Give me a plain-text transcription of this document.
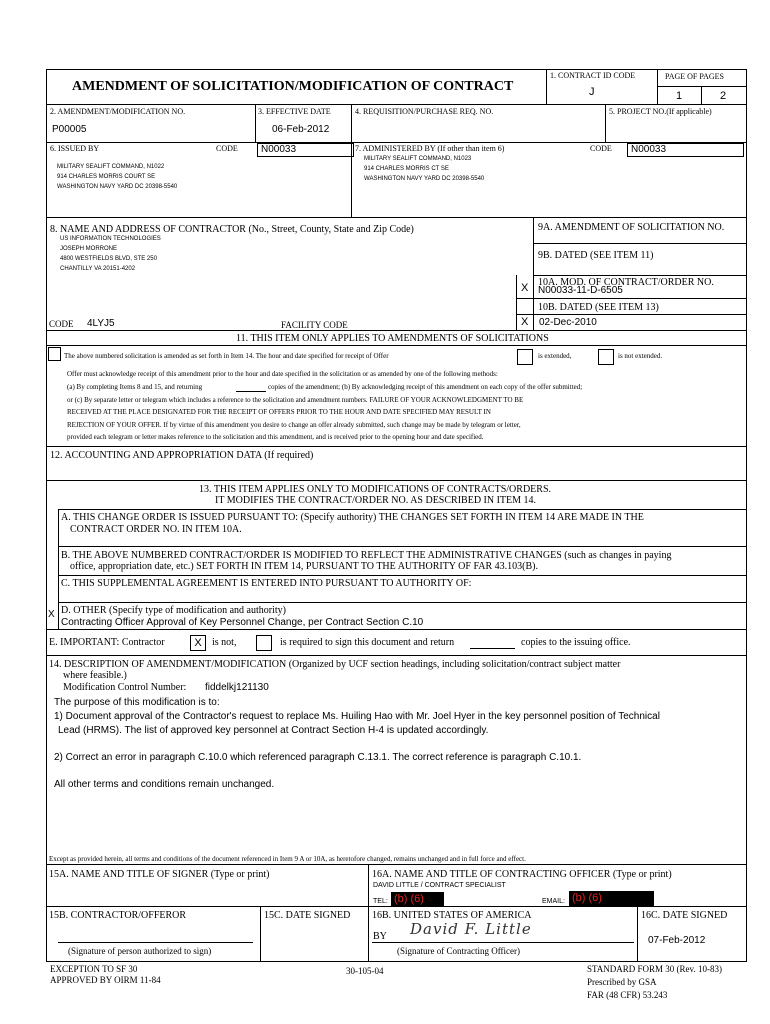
AMENDMENT OF SOLICITATION/MODIFICATION OF CONTRACT
1. CONTRACT ID CODE
J
PAGE OF PAGES
1	2
2. AMENDMENT/MODIFICATION NO.
P00005
3. EFFECTIVE DATE
06-Feb-2012
4. REQUISITION/PURCHASE REQ. NO.	5. PROJECT NO.(If applicable)
6. ISSUED BY	CODE	N00033
MILITARY SEALIFT COMMAND, N1022
914 CHARLES MORRIS COURT SE
WASHINGTON NAVY YARD DC 20398-5540
7. ADMINISTERED BY (If other than item 6)	CODE	N00033
MILITARY SEALIFT COMMAND, N1023
914 CHARLES MORRIS CT SE
WASHINGTON NAVY YARD DC 20398-5540
8. NAME AND ADDRESS OF CONTRACTOR (No., Street, County, State and Zip Code)
US INFORMATION TECHNOLOGIES
JOSEPH MORRONE
4800 WESTFIELDS BLVD, STE 250
CHANTILLY VA 20151-4202
CODE 4LYJ5	FACILITY CODE
9A. AMENDMENT OF SOLICITATION NO.
9B. DATED (SEE ITEM 11)
X 10A. MOD. OF CONTRACT/ORDER NO.
N00033-11-D-6505
10B. DATED (SEE ITEM 13)
X 02-Dec-2010
11. THIS ITEM ONLY APPLIES TO AMENDMENTS OF SOLICITATIONS
The above numbered solicitation is amended as set forth in Item 14. The hour and date specified for receipt of Offer	is extended,	is not extended.
Offer must acknowledge receipt of this amendment prior to the hour and date specified in the solicitation or as amended by one of the following methods:
(a) By completing Items 8 and 15, and returning	copies of the amendment; (b) By acknowledging receipt of this amendment on each copy of the offer submitted;
or (c) By separate letter or telegram which includes a reference to the solicitation and amendment numbers. FAILURE OF YOUR ACKNOWLEDGMENT TO BE
RECEIVED AT THE PLACE DESIGNATED FOR THE RECEIPT OF OFFERS PRIOR TO THE HOUR AND DATE SPECIFIED MAY RESULT IN
REJECTION OF YOUR OFFER. If by virtue of this amendment you desire to change an offer already submitted, such change may be made by telegram or letter,
provided each telegram or letter makes reference to the solicitation and this amendment, and is received prior to the opening hour and date specified.
12. ACCOUNTING AND APPROPRIATION DATA (If required)
13. THIS ITEM APPLIES ONLY TO MODIFICATIONS OF CONTRACTS/ORDERS.
IT MODIFIES THE CONTRACT/ORDER NO. AS DESCRIBED IN ITEM 14.
A. THIS CHANGE ORDER IS ISSUED PURSUANT TO: (Specify authority) THE CHANGES SET FORTH IN ITEM 14 ARE MADE IN THE
CONTRACT ORDER NO. IN ITEM 10A.
B. THE ABOVE NUMBERED CONTRACT/ORDER IS MODIFIED TO REFLECT THE ADMINISTRATIVE CHANGES (such as changes in paying
office, appropriation date, etc.) SET FORTH IN ITEM 14, PURSUANT TO THE AUTHORITY OF FAR 43.103(B).
C. THIS SUPPLEMENTAL AGREEMENT IS ENTERED INTO PURSUANT TO AUTHORITY OF:
X D. OTHER (Specify type of modification and authority)
Contracting Officer Approval of Key Personnel Change, per Contract Section C.10
E. IMPORTANT: Contractor	X	is not,	is required to sign this document and return	copies to the issuing office.
14. DESCRIPTION OF AMENDMENT/MODIFICATION (Organized by UCF section headings, including solicitation/contract subject matter
where feasible.)
Modification Control Number: fiddelkj121130
The purpose of this modification is to:
1) Document approval of the Contractor's request to replace Ms. Huiling Hao with Mr. Joel Hyer in the key personnel position of Technical
Lead (HRMS). The list of approved key personnel at Contract Section H-4 is updated accordingly.
2) Correct an error in paragraph C.10.0 which referenced paragraph C.13.1. The correct reference is paragraph C.10.1.
All other terms and conditions remain unchanged.
Except as provided herein, all terms and conditions of the document referenced in Item 9 A or 10A, as heretofore changed, remains unchanged and in full force and effect.
15A. NAME AND TITLE OF SIGNER (Type or print)	16A. NAME AND TITLE OF CONTRACTING OFFICER (Type or print)
DAVID LITTLE / CONTRACT SPECIALIST
TEL: (b) (6)	EMAIL: (b) (6)
15B. CONTRACTOR/OFFEROR	15C. DATE SIGNED 16B. UNITED STATES OF AMERICA	16C. DATE SIGNED
BY David F. Little
07-Feb-2012
(Signature of person authorized to sign)	(Signature of Contracting Officer)
EXCEPTION TO SF 30
APPROVED BY OIRM 11-84
30-105-04	STANDARD FORM 30 (Rev. 10-83)
Prescribed by GSA
FAR (48 CFR) 53.243
